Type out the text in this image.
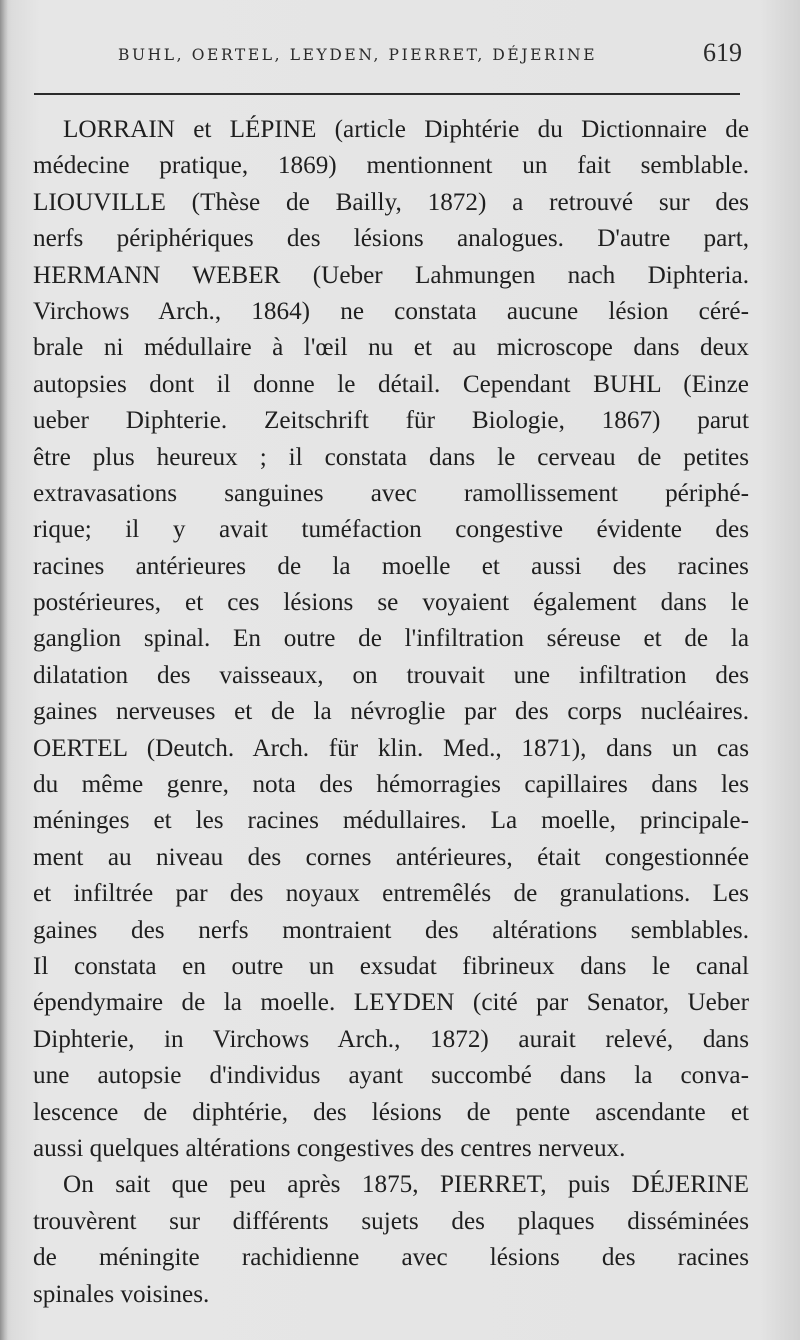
BUHL, OERTEL, LEYDEN, PIERRET, DÉJERINE	619
LORRAIN et LÉPINE (article Diphtérie du Dictionnaire de
médecine pratique, 1869) mentionnent un fait semblable.
LIOUVILLE (Thèse de Bailly, 1872) a retrouvé sur des
nerfs périphériques des lésions analogues. D'autre part,
HERMANN WEBER (Ueber Lahmungen nach Diphteria.
Virchows Arch., 1864) ne constata aucune lésion céré-
brale ni médullaire à l'œil nu et au microscope dans deux
autopsies dont il donne le détail. Cependant BUHL (Einze
ueber Diphterie. Zeitschrift für Biologie, 1867) parut
être plus heureux ; il constata dans le cerveau de petites
extravasations sanguines avec ramollissement périphé-
rique; il y avait tuméfaction congestive évidente des
racines antérieures de la moelle et aussi des racines
postérieures, et ces lésions se voyaient également dans le
ganglion spinal. En outre de l'infiltration séreuse et de la
dilatation des vaisseaux, on trouvait une infiltration des
gaines nerveuses et de la névroglie par des corps nucléaires.
OERTEL (Deutch. Arch. für klin. Med., 1871), dans un cas
du même genre, nota des hémorragies capillaires dans les
méninges et les racines médullaires. La moelle, principale-
ment au niveau des cornes antérieures, était congestionnée
et infiltrée par des noyaux entremêlés de granulations. Les
gaines des nerfs montraient des altérations semblables.
Il constata en outre un exsudat fibrineux dans le canal
épendymaire de la moelle. LEYDEN (cité par Senator, Ueber
Diphterie, in Virchows Arch., 1872) aurait relevé, dans
une autopsie d'individus ayant succombé dans la conva-
lescence de diphtérie, des lésions de pente ascendante et
aussi quelques altérations congestives des centres nerveux.
On sait que peu après 1875, PIERRET, puis DÉJERINE
trouvèrent sur différents sujets des plaques disséminées
de méningite rachidienne avec lésions des racines
spinales voisines.
